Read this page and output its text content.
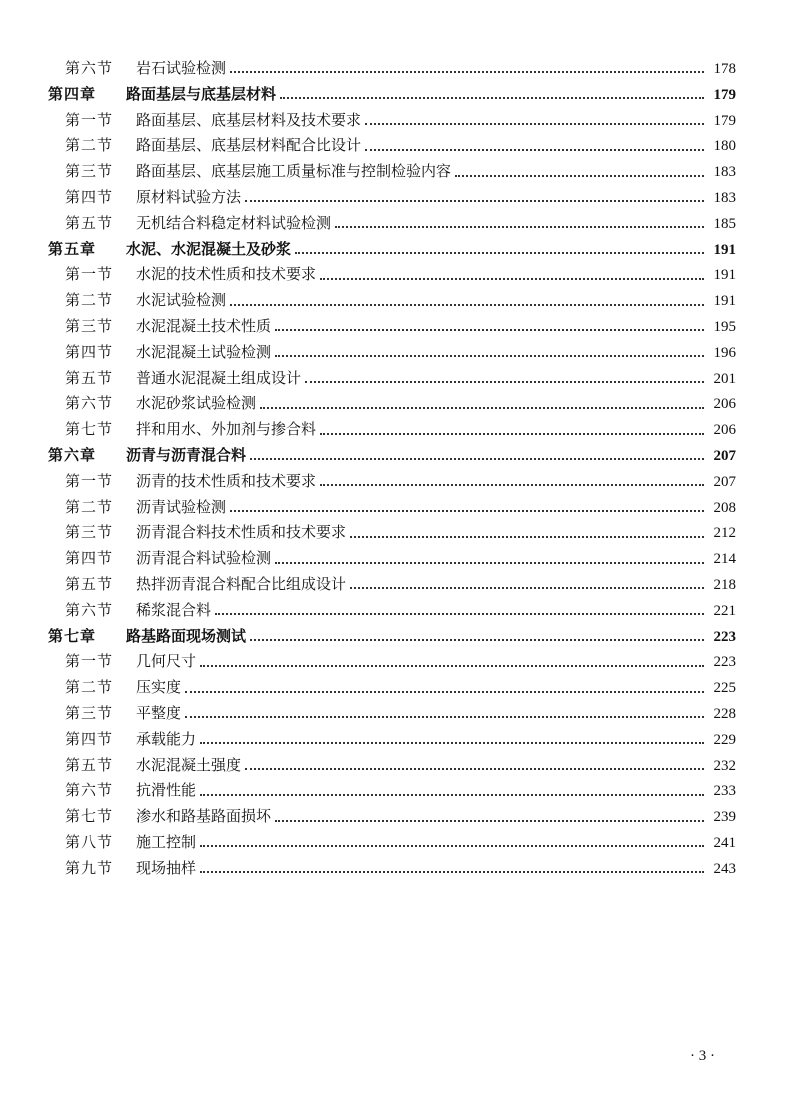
第六节	岩石试验检测	178
第四章	路面基层与底基层材料	179
第一节	路面基层、底基层材料及技术要求	179
第二节	路面基层、底基层材料配合比设计	180
第三节	路面基层、底基层施工质量标准与控制检验内容	183
第四节	原材料试验方法	183
第五节	无机结合料稳定材料试验检测	185
第五章	水泥、水泥混凝土及砂浆	191
第一节	水泥的技术性质和技术要求	191
第二节	水泥试验检测	191
第三节	水泥混凝土技术性质	195
第四节	水泥混凝土试验检测	196
第五节	普通水泥混凝土组成设计	201
第六节	水泥砂浆试验检测	206
第七节	拌和用水、外加剂与掺合料	206
第六章	沥青与沥青混合料	207
第一节	沥青的技术性质和技术要求	207
第二节	沥青试验检测	208
第三节	沥青混合料技术性质和技术要求	212
第四节	沥青混合料试验检测	214
第五节	热拌沥青混合料配合比组成设计	218
第六节	稀浆混合料	221
第七章	路基路面现场测试	223
第一节	几何尺寸	223
第二节	压实度	225
第三节	平整度	228
第四节	承载能力	229
第五节	水泥混凝土强度	232
第六节	抗滑性能	233
第七节	渗水和路基路面损坏	239
第八节	施工控制	241
第九节	现场抽样	243
· 3 ·
